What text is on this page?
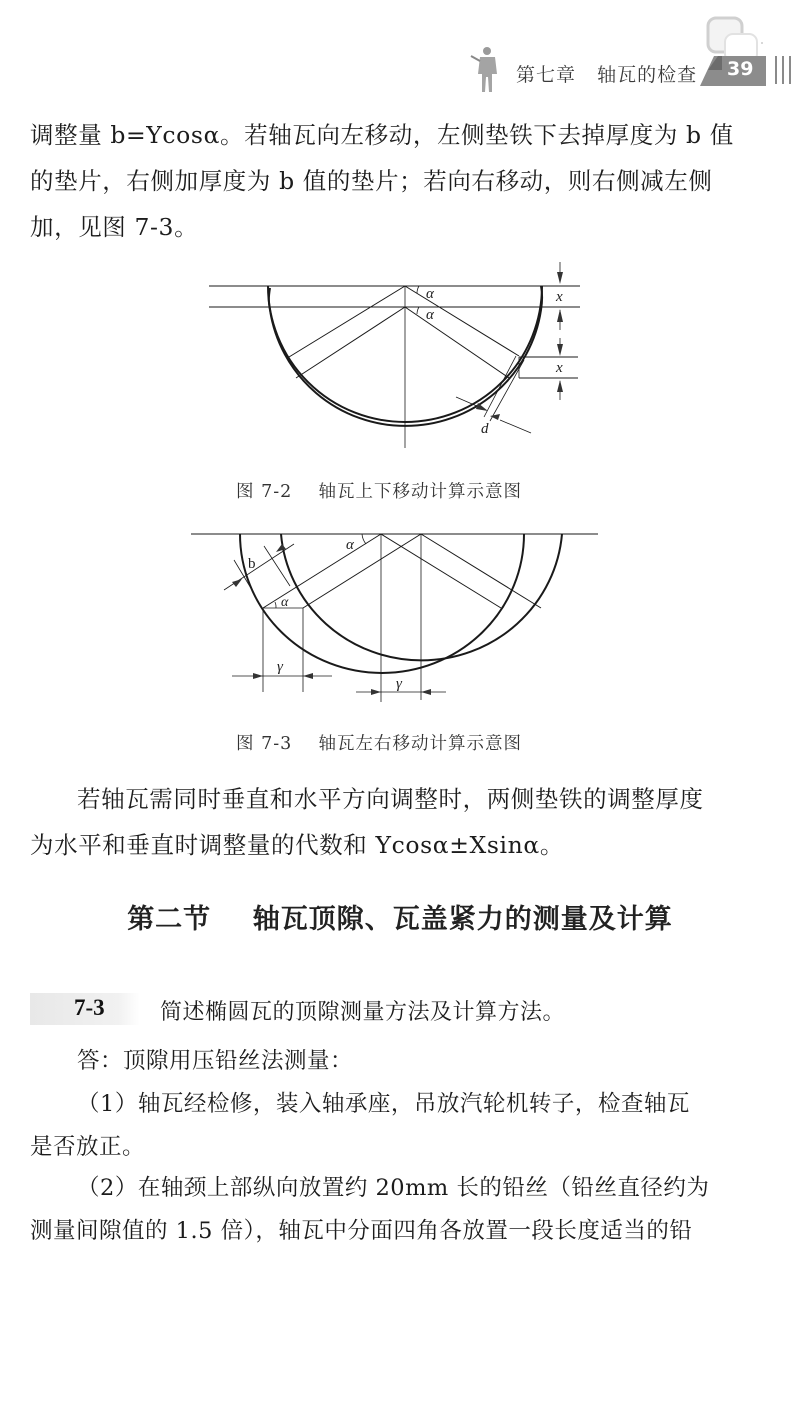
第七章 轴瓦的检查 39
调整量 b=Ycosα。若轴瓦向左移动，左侧垫铁下去掉厚度为 b 值
的垫片，右侧加厚度为 b 值的垫片；若向右移动，则右侧减左侧
加，见图 7-3。
α
α
x
x
d
图 7-2    轴瓦上下移动计算示意图
α
α
b
γ
γ
图 7-3    轴瓦左右移动计算示意图
若轴瓦需同时垂直和水平方向调整时，两侧垫铁的调整厚度
为水平和垂直时调整量的代数和 Ycosα±Xsinα。
第二节    轴瓦顶隙、瓦盖紧力的测量及计算
7-3	简述椭圆瓦的顶隙测量方法及计算方法。
答：顶隙用压铅丝法测量：
（1）轴瓦经检修，装入轴承座，吊放汽轮机转子，检查轴瓦
是否放正。
（2）在轴颈上部纵向放置约 20mm 长的铅丝（铅丝直径约为
测量间隙值的 1.5 倍），轴瓦中分面四角各放置一段长度适当的铅
